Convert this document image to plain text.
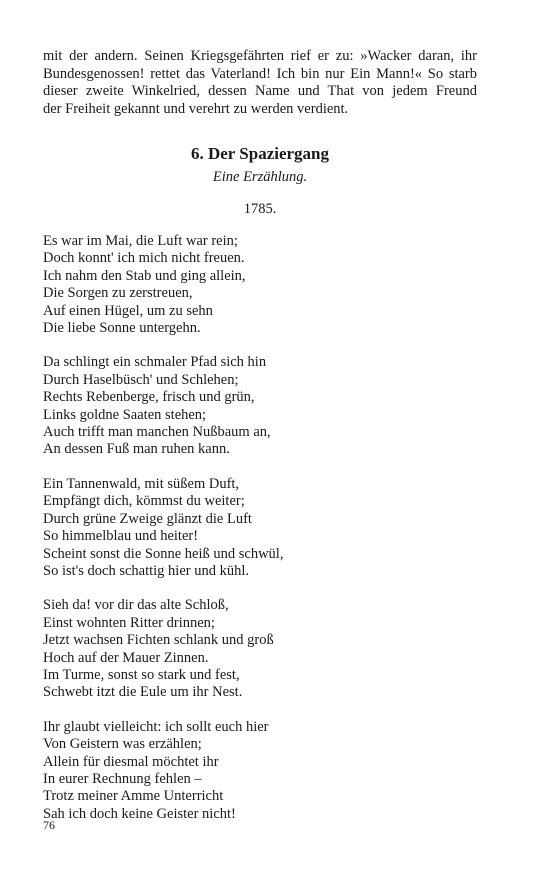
mit der andern. Seinen Kriegsgefährten rief er zu: »Wacker daran, ihr
Bundesgenossen! rettet das Vaterland! Ich bin nur Ein Mann!« So starb
dieser zweite Winkelried, dessen Name und That von jedem Freund
der Freiheit gekannt und verehrt zu werden verdient.

6. Der Spaziergang
Eine Erzählung.
1785.
Es war im Mai, die Luft war rein;
Doch konnt' ich mich nicht freuen.
Ich nahm den Stab und ging allein,
Die Sorgen zu zerstreuen,
Auf einen Hügel, um zu sehn
Die liebe Sonne untergehn.
Da schlingt ein schmaler Pfad sich hin
Durch Haselbüsch' und Schlehen;
Rechts Rebenberge, frisch und grün,
Links goldne Saaten stehen;
Auch trifft man manchen Nußbaum an,
An dessen Fuß man ruhen kann.
Ein Tannenwald, mit süßem Duft,
Empfängt dich, kömmst du weiter;
Durch grüne Zweige glänzt die Luft
So himmelblau und heiter!
Scheint sonst die Sonne heiß und schwül,
So ist's doch schattig hier und kühl.
Sieh da! vor dir das alte Schloß,
Einst wohnten Ritter drinnen;
Jetzt wachsen Fichten schlank und groß
Hoch auf der Mauer Zinnen.
Im Turme, sonst so stark und fest,
Schwebt itzt die Eule um ihr Nest.
Ihr glaubt vielleicht: ich sollt euch hier
Von Geistern was erzählen;
Allein für diesmal möchtet ihr
In eurer Rechnung fehlen –
Trotz meiner Amme Unterricht
Sah ich doch keine Geister nicht!
76
